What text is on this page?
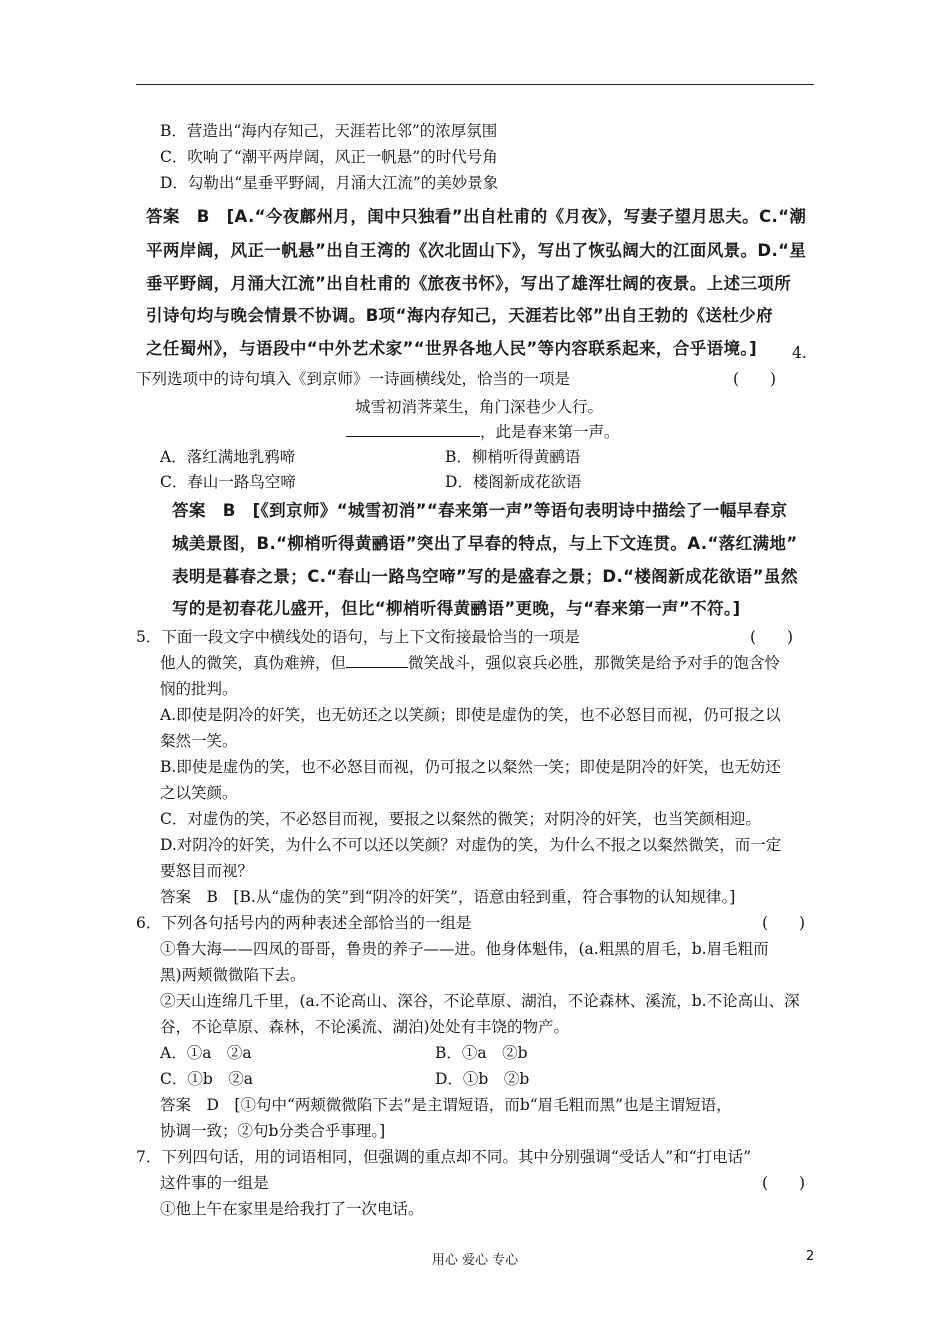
B．营造出“海内存知己，天涯若比邻”的浓厚氛围
C．吹响了“潮平两岸阔，风正一帆悬”的时代号角
D．勾勒出“星垂平野阔，月涌大江流”的美妙景象
答案　B　[A.“今夜鄜州月，闺中只独看”出自杜甫的《月夜》，写妻子望月思夫。C.“潮
平两岸阔，风正一帆悬”出自王湾的《次北固山下》，写出了恢弘阔大的江面风景。D.“星
垂平野阔，月涌大江流”出自杜甫的《旅夜书怀》，写出了雄浑壮阔的夜景。上述三项所
引诗句均与晚会情景不协调。B项“海内存知己，天涯若比邻”出自王勃的《送杜少府
之任蜀州》，与语段中“中外艺术家”“世界各地人民”等内容联系起来，合乎语境。] 4.
下列选项中的诗句填入《到京师》一诗画横线处，恰当的一项是	(　　)
城雪初消荠菜生，角门深巷少人行。
，此是春来第一声。
A．落红满地乳鸦啼	B．柳梢听得黄鹂语
C．春山一路鸟空啼	D．楼阁新成花欲语
答案　B　[《到京师》“城雪初消”“春来第一声”等语句表明诗中描绘了一幅早春京
城美景图，B.“柳梢听得黄鹂语”突出了早春的特点，与上下文连贯。A.“落红满地”
表明是暮春之景；C.“春山一路鸟空啼”写的是盛春之景；D.“楼阁新成花欲语”虽然
写的是初春花儿盛开，但比“柳梢听得黄鹂语”更晚，与“春来第一声”不符。]
5．下面一段文字中横线处的语句，与上下文衔接最恰当的一项是	(　　)
他人的微笑，真伪难辨，但	微笑战斗，强似哀兵必胜，那微笑是给予对手的饱含怜
悯的批判。
A.即使是阴冷的奸笑，也无妨还之以笑颜；即使是虚伪的笑，也不必怒目而视，仍可报之以
粲然一笑。
B.即使是虚伪的笑，也不必怒目而视，仍可报之以粲然一笑；即使是阴冷的奸笑，也无妨还
之以笑颜。
C．对虚伪的笑，不必怒目而视，要报之以粲然的微笑；对阴冷的奸笑，也当笑颜相迎。
D.对阴冷的奸笑，为什么不可以还以笑颜？对虚伪的笑，为什么不报之以粲然微笑，而一定
要怒目而视？
答案　B　[B.从“虚伪的笑”到“阴冷的奸笑”，语意由轻到重，符合事物的认知规律。]
6．下列各句括号内的两种表述全部恰当的一组是	(　　)
①鲁大海——四凤的哥哥，鲁贵的养子——进。他身体魁伟，(a.粗黑的眉毛，b.眉毛粗而
黑)两颊微微陷下去。
②天山连绵几千里，(a.不论高山、深谷，不论草原、湖泊，不论森林、溪流，b.不论高山、深
谷，不论草原、森林，不论溪流、湖泊)处处有丰饶的物产。
A．①a　②a	B．①a　②b
C．①b　②a	D．①b　②b
答案　D　[①句中“两颊微微陷下去”是主谓短语，而b“眉毛粗而黑”也是主谓短语，
协调一致；②句b分类合乎事理。]
7．下列四句话，用的词语相同，但强调的重点却不同。其中分别强调“受话人”和“打电话”
这件事的一组是	(　　)
①他上午在家里是给我打了一次电话。
用心 爱心 专心	2
